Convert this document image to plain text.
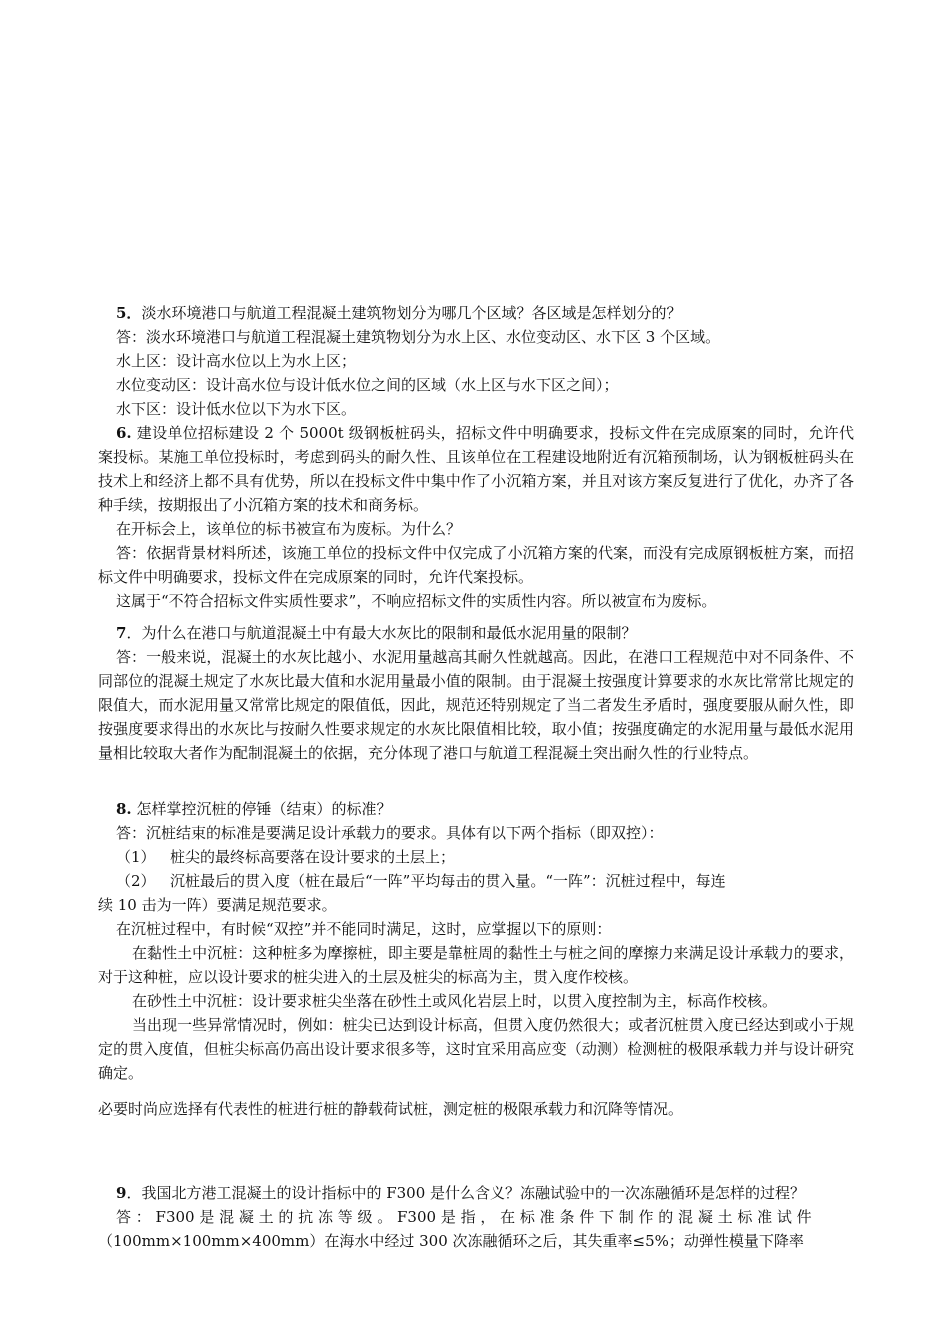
5．淡水环境港口与航道工程混凝土建筑物划分为哪几个区域？各区域是怎样划分的？

答：淡水环境港口与航道工程混凝土建筑物划分为水上区、水位变动区、水下区 3 个区域。

水上区：设计高水位以上为水上区；

水位变动区：设计高水位与设计低水位之间的区域（水上区与水下区之间）；

水下区：设计低水位以下为水下区。

6. 建设单位招标建设 2 个 5000t 级钢板桩码头，招标文件中明确要求，投标文件在完成原案的同时，允许代案投标。某施工单位投标时，考虑到码头的耐久性、且该单位在工程建设地附近有沉箱预制场，认为钢板桩码头在技术上和经济上都不具有优势，所以在投标文件中集中作了小沉箱方案，并且对该方案反复进行了优化，办齐了各种手续，按期报出了小沉箱方案的技术和商务标。

在开标会上，该单位的标书被宣布为废标。为什么？

答：依据背景材料所述，该施工单位的投标文件中仅完成了小沉箱方案的代案，而没有完成原钢板桩方案，而招标文件中明确要求，投标文件在完成原案的同时，允许代案投标。

这属于“不符合招标文件实质性要求”，不响应招标文件的实质性内容。所以被宣布为废标。

7．为什么在港口与航道混凝土中有最大水灰比的限制和最低水泥用量的限制？

答：一般来说，混凝土的水灰比越小、水泥用量越高其耐久性就越高。因此，在港口工程规范中对不同条件、不同部位的混凝土规定了水灰比最大值和水泥用量最小值的限制。由于混凝土按强度计算要求的水灰比常常比规定的限值大，而水泥用量又常常比规定的限值低，因此，规范还特别规定了当二者发生矛盾时，强度要服从耐久性，即按强度要求得出的水灰比与按耐久性要求规定的水灰比限值相比较，取小值；按强度确定的水泥用量与最低水泥用量相比较取大者作为配制混凝土的依据，充分体现了港口与航道工程混凝土突出耐久性的行业特点。

8. 怎样掌控沉桩的停锤（结束）的标准？

答：沉桩结束的标准是要满足设计承载力的要求。具体有以下两个指标（即双控）：

（1） 桩尖的最终标高要落在设计要求的土层上；
（2） 沉桩最后的贯入度（桩在最后“一阵”平均每击的贯入量。“一阵”：沉桩过程中，每连

续 10 击为一阵）要满足规范要求。

在沉桩过程中，有时候“双控”并不能同时满足，这时，应掌握以下的原则：

在黏性土中沉桩：这种桩多为摩擦桩，即主要是靠桩周的黏性土与桩之间的摩擦力来满足设计承载力的要求，对于这种桩，应以设计要求的桩尖进入的土层及桩尖的标高为主，贯入度作校核。

在砂性土中沉桩：设计要求桩尖坐落在砂性土或风化岩层上时，以贯入度控制为主，标高作校核。

当出现一些异常情况时，例如：桩尖已达到设计标高，但贯入度仍然很大；或者沉桩贯入度已经达到或小于规定的贯入度值，但桩尖标高仍高出设计要求很多等，这时宜采用高应变（动测）检测桩的极限承载力并与设计研究确定。

必要时尚应选择有代表性的桩进行桩的静载荷试桩，测定桩的极限承载力和沉降等情况。

9．我国北方港工混凝土的设计指标中的 F300 是什么含义？冻融试验中的一次冻融循环是怎样的过程？

答 ： F300 是 混 凝 土 的 抗 冻 等 级 。 F300 是 指 ， 在 标 准 条 件 下 制 作 的 混 凝 土 标 准 试 件

（100mm×100mm×400mm）在海水中经过 300 次冻融循环之后，其失重率≤5%；动弹性模量下降率
